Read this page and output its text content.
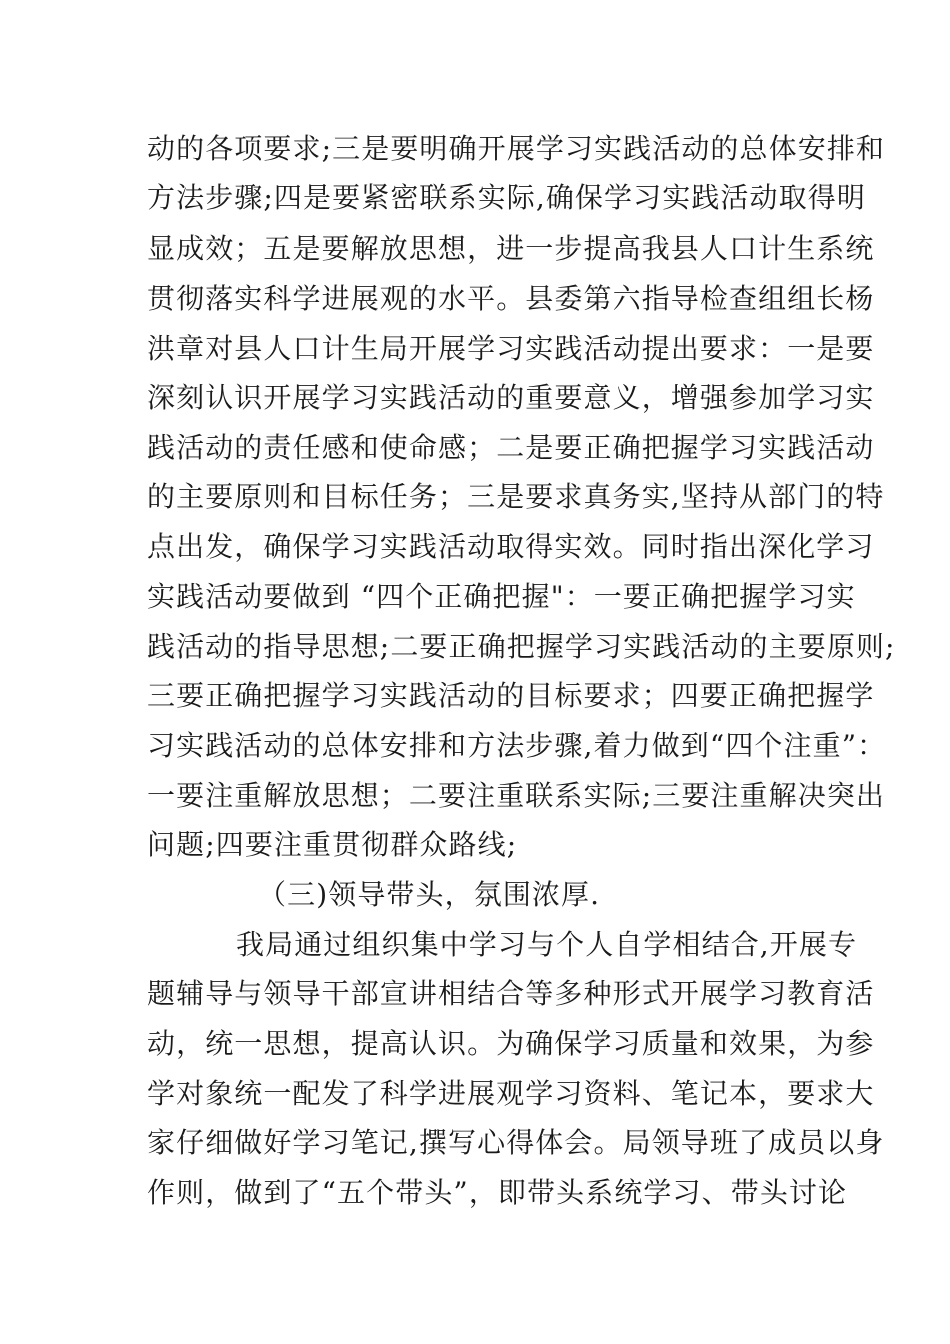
动的各项要求;三是要明确开展学习实践活动的总体安排和
方法步骤;四是要紧密联系实际,确保学习实践活动取得明
显成效；五是要解放思想，进一步提高我县人口计生系统
贯彻落实科学进展观的水平。县委第六指导检查组组长杨
洪章对县人口计生局开展学习实践活动提出要求：一是要
深刻认识开展学习实践活动的重要意义，增强参加学习实
践活动的责任感和使命感；二是要正确把握学习实践活动
的主要原则和目标任务；三是要求真务实,坚持从部门的特
点出发，确保学习实践活动取得实效。同时指出深化学习
实践活动要做到 “四个正确把握"：一要正确把握学习实
践活动的指导思想;二要正确把握学习实践活动的主要原则;
三要正确把握学习实践活动的目标要求；四要正确把握学
习实践活动的总体安排和方法步骤,着力做到“四个注重”：
一要注重解放思想；二要注重联系实际;三要注重解决突出
问题;四要注重贯彻群众路线;
（三)领导带头，氛围浓厚.
我局通过组织集中学习与个人自学相结合,开展专
题辅导与领导干部宣讲相结合等多种形式开展学习教育活
动，统一思想，提高认识。为确保学习质量和效果，为参
学对象统一配发了科学进展观学习资料、笔记本，要求大
家仔细做好学习笔记,撰写心得体会。局领导班了成员以身
作则，做到了“五个带头”，即带头系统学习、带头讨论
